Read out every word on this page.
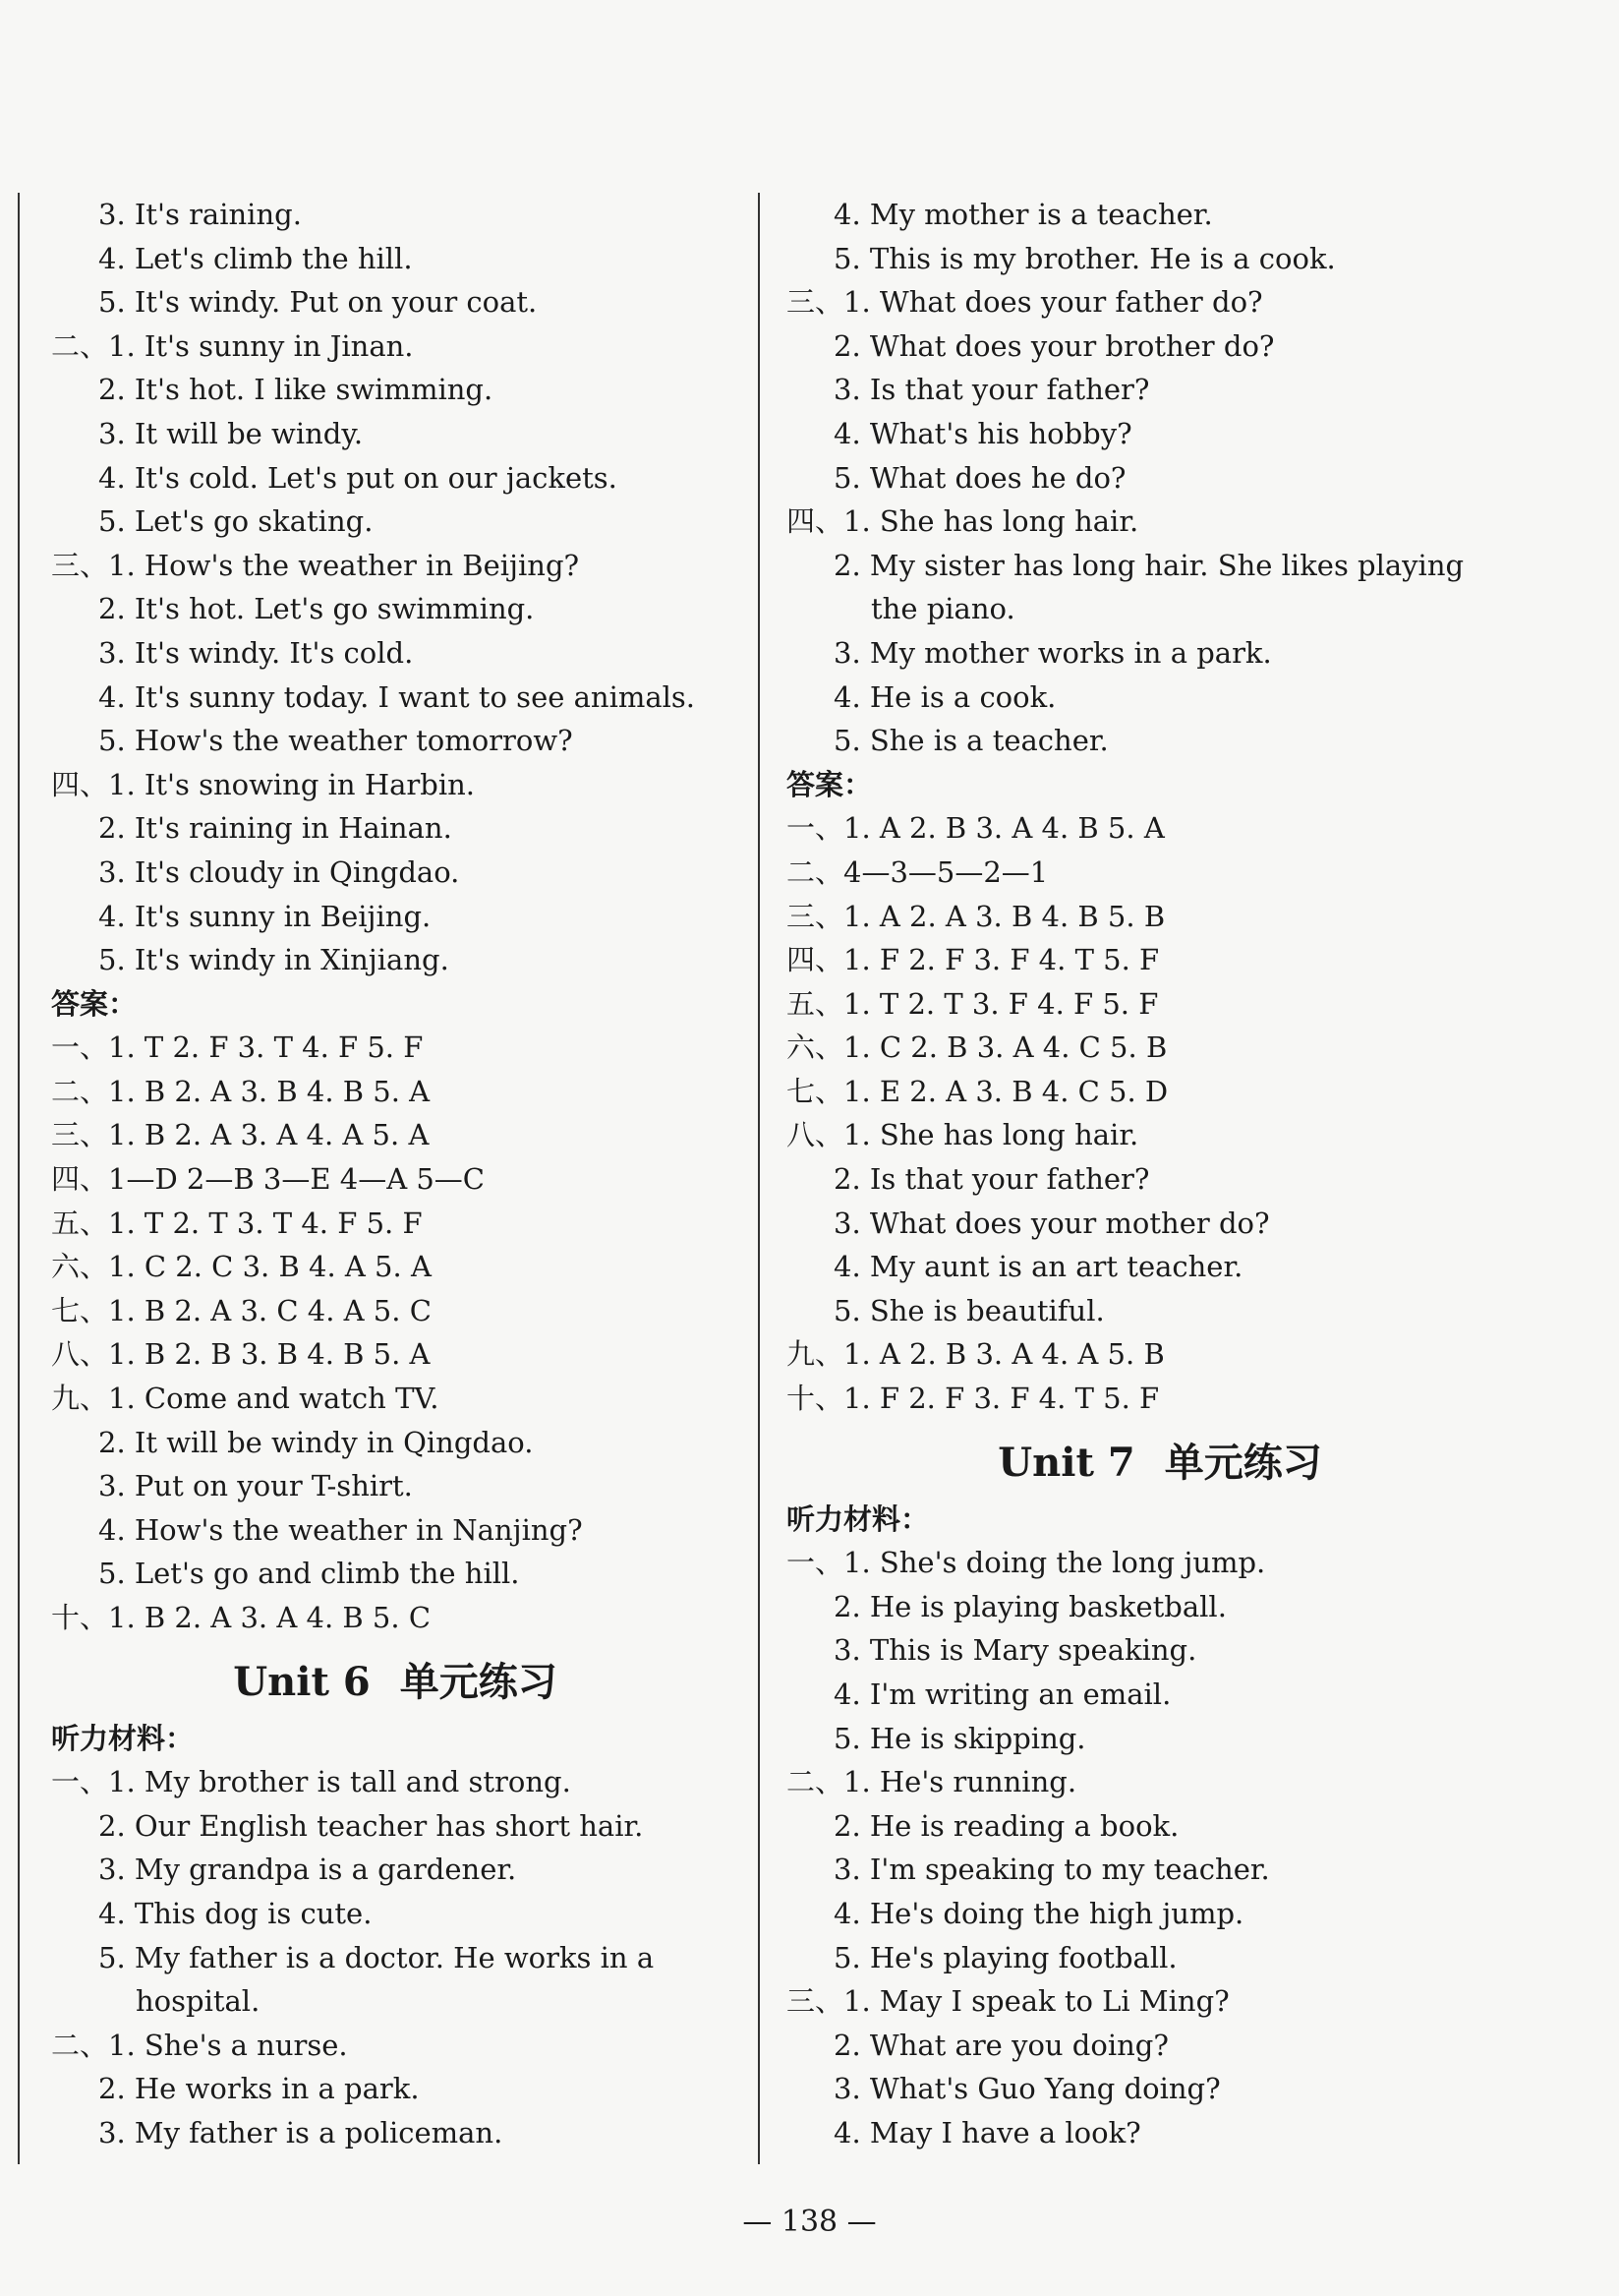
3. It's raining.
4. Let's climb the hill.
5. It's windy. Put on your coat.
二、1. It's sunny in Jinan.
2. It's hot. I like swimming.
3. It will be windy.
4. It's cold. Let's put on our jackets.
5. Let's go skating.
三、1. How's the weather in Beijing?
2. It's hot. Let's go swimming.
3. It's windy. It's cold.
4. It's sunny today. I want to see animals.
5. How's the weather tomorrow?
四、1. It's snowing in Harbin.
2. It's raining in Hainan.
3. It's cloudy in Qingdao.
4. It's sunny in Beijing.
5. It's windy in Xinjiang.
答案：
一、1. T 2. F 3. T 4. F 5. F
二、1. B 2. A 3. B 4. B 5. A
三、1. B 2. A 3. A 4. A 5. A
四、1—D 2—B 3—E 4—A 5—C
五、1. T 2. T 3. T 4. F 5. F
六、1. C 2. C 3. B 4. A 5. A
七、1. B 2. A 3. C 4. A 5. C
八、1. B 2. B 3. B 4. B 5. A
九、1. Come and watch TV.
2. It will be windy in Qingdao.
3. Put on your T-shirt.
4. How's the weather in Nanjing?
5. Let's go and climb the hill.
十、1. B 2. A 3. A 4. B 5. C
Unit 6 单元练习
听力材料：
一、1. My brother is tall and strong.
2. Our English teacher has short hair.
3. My grandpa is a gardener.
4. This dog is cute.
5. My father is a doctor. He works in a
hospital.
二、1. She's a nurse.
2. He works in a park.
3. My father is a policeman.
4. My mother is a teacher.
5. This is my brother. He is a cook.
三、1. What does your father do?
2. What does your brother do?
3. Is that your father?
4. What's his hobby?
5. What does he do?
四、1. She has long hair.
2. My sister has long hair. She likes playing
the piano.
3. My mother works in a park.
4. He is a cook.
5. She is a teacher.
答案：
一、1. A 2. B 3. A 4. B 5. A
二、4—3—5—2—1
三、1. A 2. A 3. B 4. B 5. B
四、1. F 2. F 3. F 4. T 5. F
五、1. T 2. T 3. F 4. F 5. F
六、1. C 2. B 3. A 4. C 5. B
七、1. E 2. A 3. B 4. C 5. D
八、1. She has long hair.
2. Is that your father?
3. What does your mother do?
4. My aunt is an art teacher.
5. She is beautiful.
九、1. A 2. B 3. A 4. A 5. B
十、1. F 2. F 3. F 4. T 5. F
Unit 7 单元练习
听力材料：
一、1. She's doing the long jump.
2. He is playing basketball.
3. This is Mary speaking.
4. I'm writing an email.
5. He is skipping.
二、1. He's running.
2. He is reading a book.
3. I'm speaking to my teacher.
4. He's doing the high jump.
5. He's playing football.
三、1. May I speak to Li Ming?
2. What are you doing?
3. What's Guo Yang doing?
4. May I have a look?
— 138 —
